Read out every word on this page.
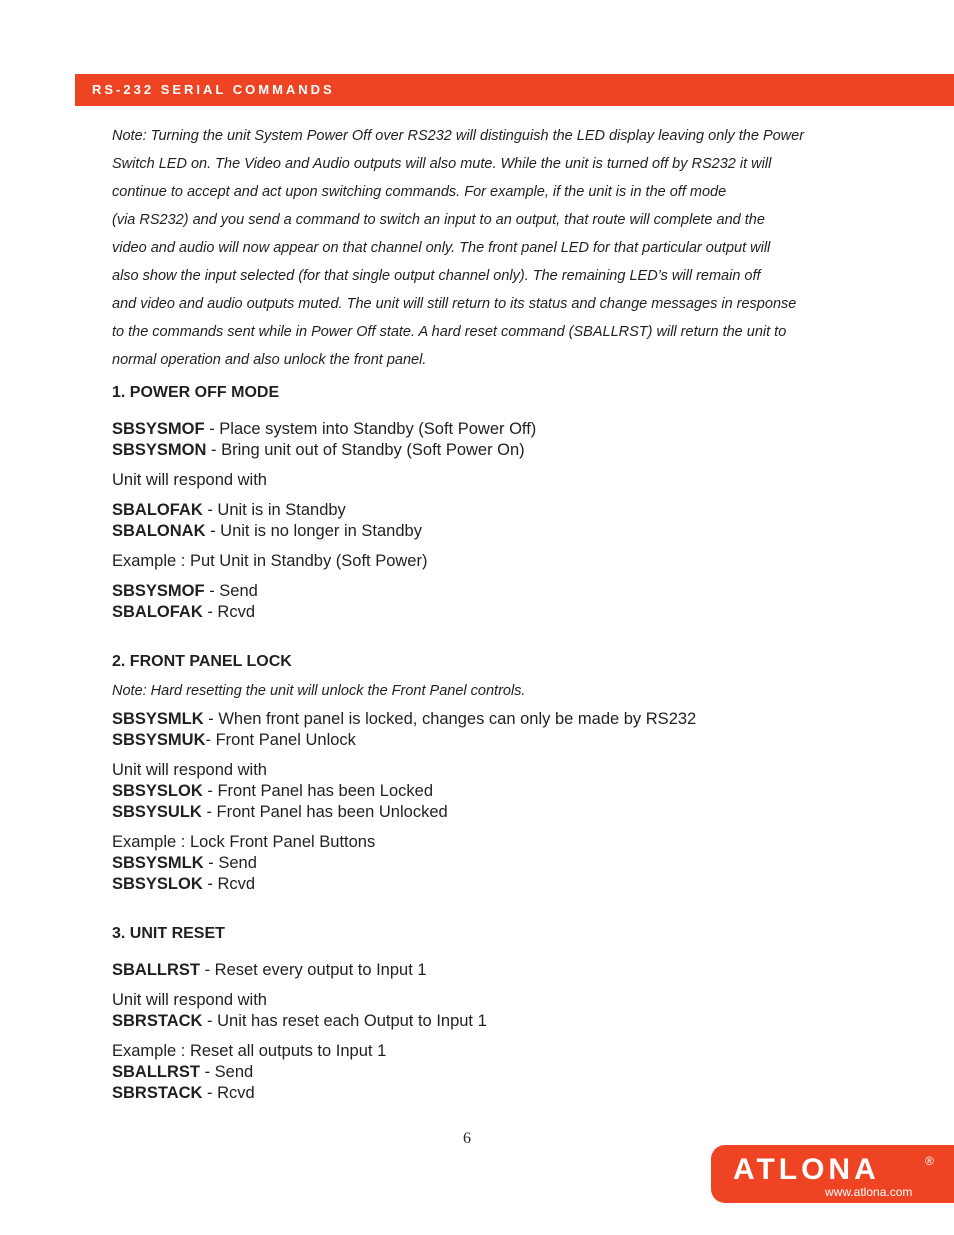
RS-232 SERIAL COMMANDS

Note: Turning the unit System Power Off over RS232 will distinguish the LED display leaving only the Power
Switch LED on. The Video and Audio outputs will also mute. While the unit is turned off by RS232 it will
continue to accept and act upon switching commands. For example, if the unit is in the off mode
(via RS232) and you send a command to switch an input to an output, that route will complete and the
video and audio will now appear on that channel only. The front panel LED for that particular output will
also show the input selected (for that single output channel only). The remaining LED’s will remain off
and video and audio outputs muted. The unit will still return to its status and change messages in response
to the commands sent while in Power Off state. A hard reset command (SBALLRST) will return the unit to
normal operation and also unlock the front panel.

1. POWER OFF MODE
SBSYSMOF - Place system into Standby (Soft Power Off)
SBSYSMON - Bring unit out of Standby (Soft Power On)
Unit will respond with
SBALOFAK - Unit is in Standby
SBALONAK - Unit is no longer in Standby
Example : Put Unit in Standby (Soft Power)
SBSYSMOF - Send
SBALOFAK - Rcvd
2. FRONT PANEL LOCK
Note: Hard resetting the unit will unlock the Front Panel controls.
SBSYSMLK - When front panel is locked, changes can only be made by RS232
SBSYSMUK- Front Panel Unlock
Unit will respond with
SBSYSLOK - Front Panel has been Locked
SBSYSULK - Front Panel has been Unlocked
Example : Lock Front Panel Buttons
SBSYSMLK - Send
SBSYSLOK - Rcvd
3. UNIT RESET
SBALLRST - Reset every output to Input 1
Unit will respond with
SBRSTACK - Unit has reset each Output to Input 1
Example : Reset all outputs to Input 1
SBALLRST - Send
SBRSTACK - Rcvd
6
ATLONA	®
www.atlona.com
